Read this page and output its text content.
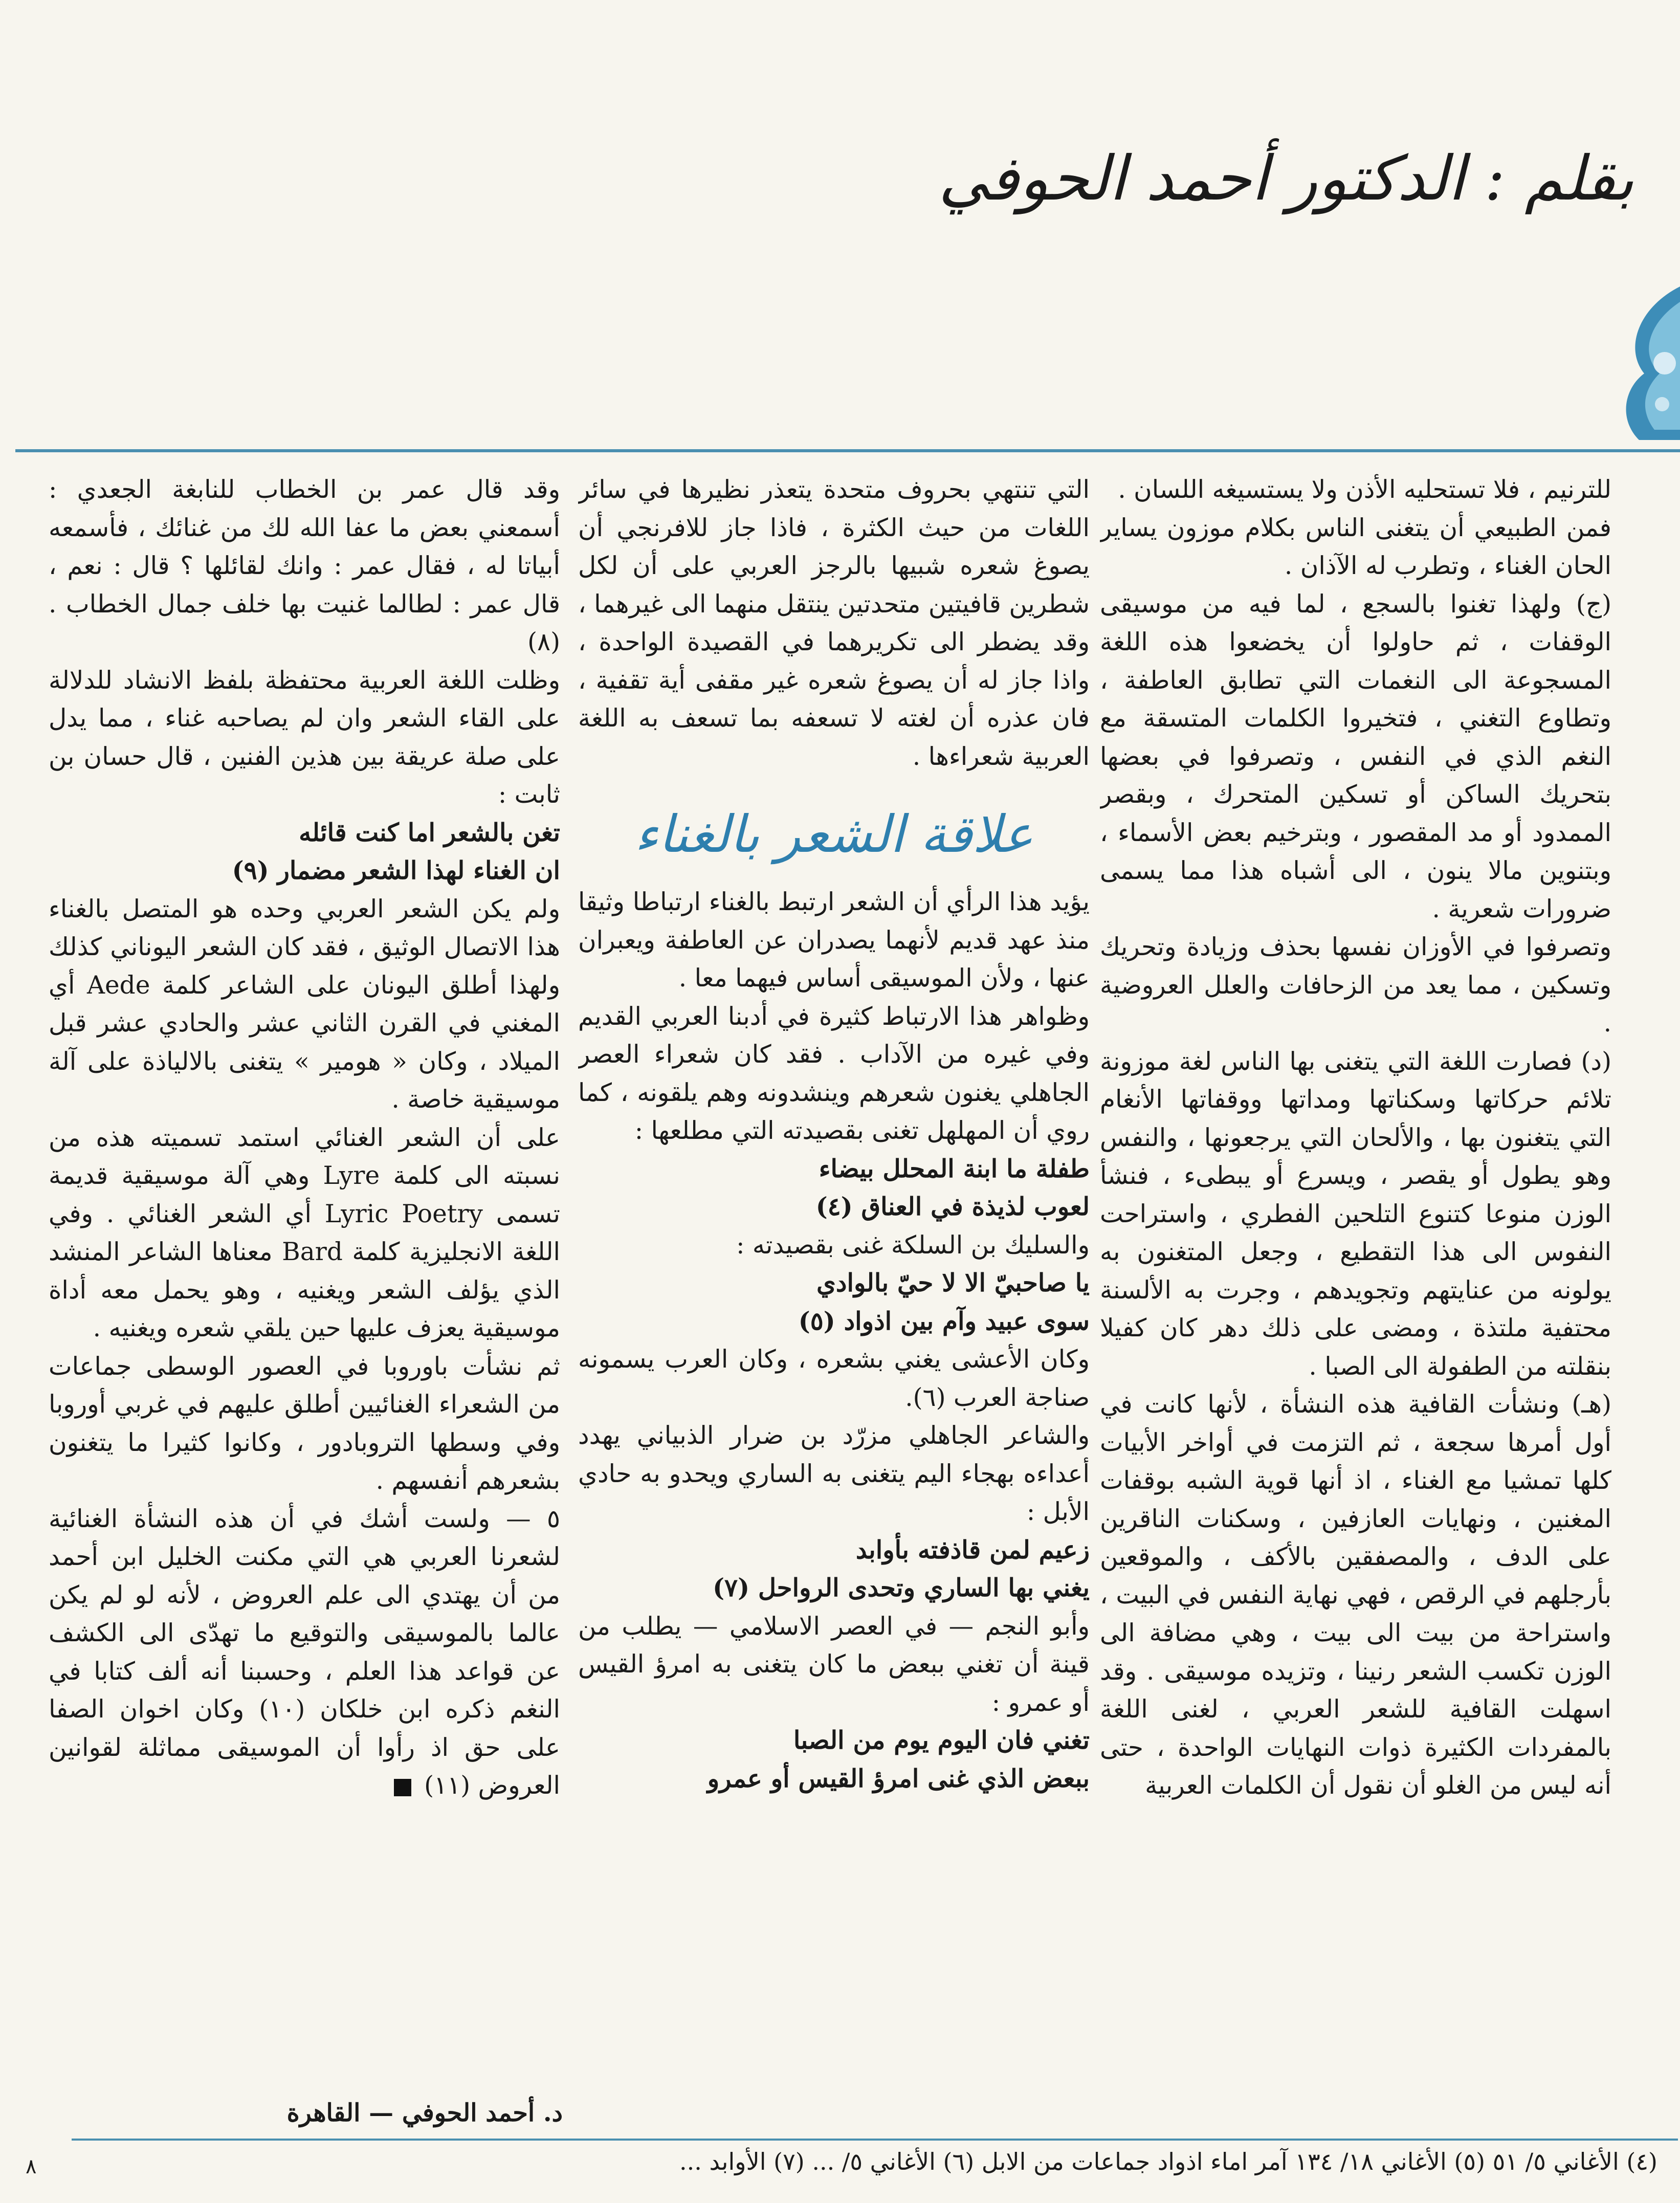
بقلم : الدكتور أحمد الحوفي

للترنيم ، فلا تستحليه الأذن ولا يستسيغه اللسان .

فمن الطبيعي أن يتغنى الناس بكلام موزون يساير الحان الغناء ، وتطرب له الآذان .

(ج) ولهذا تغنوا بالسجع ، لما فيه من موسيقى الوقفات ، ثم حاولوا أن يخضعوا هذه اللغة المسجوعة الى النغمات التي تطابق العاطفة ، وتطاوع التغني ، فتخيروا الكلمات المتسقة مع النغم الذي في النفس ، وتصرفوا في بعضها بتحريك الساكن أو تسكين المتحرك ، وبقصر الممدود أو مد المقصور ، وبترخيم بعض الأسماء ، وبتنوين مالا ينون ، الى أشباه هذا مما يسمى ضرورات شعرية .

وتصرفوا في الأوزان نفسها بحذف وزيادة وتحريك وتسكين ، مما يعد من الزحافات والعلل العروضية .

(د) فصارت اللغة التي يتغنى بها الناس لغة موزونة تلائم حركاتها وسكناتها ومداتها ووقفاتها الأنغام التي يتغنون بها ، والألحان التي يرجعونها ، والنفس وهو يطول أو يقصر ، ويسرع أو يبطىء ، فنشأ الوزن منوعا كتنوع التلحين الفطري ، واستراحت النفوس الى هذا التقطيع ، وجعل المتغنون به يولونه من عنايتهم وتجويدهم ، وجرت به الألسنة محتفية ملتذة ، ومضى على ذلك دهر كان كفيلا بنقلته من الطفولة الى الصبا .

(هـ) ونشأت القافية هذه النشأة ، لأنها كانت في أول أمرها سجعة ، ثم التزمت في أواخر الأبيات كلها تمشيا مع الغناء ، اذ أنها قوية الشبه بوقفات المغنين ، ونهايات العازفين ، وسكنات الناقرين على الدف ، والمصفقين بالأكف ، والموقعين بأرجلهم في الرقص ، فهي نهاية النفس في البيت ، واستراحة من بيت الى بيت ، وهي مضافة الى الوزن تكسب الشعر رنينا ، وتزيده موسيقى . وقد اسهلت القافية للشعر العربي ، لغنى اللغة بالمفردات الكثيرة ذوات النهايات الواحدة ، حتى أنه ليس من الغلو أن نقول أن الكلمات العربية

التي تنتهي بحروف متحدة يتعذر نظيرها في سائر اللغات من حيث الكثرة ، فاذا جاز للافرنجي أن يصوغ شعره شبيها بالرجز العربي على أن لكل شطرين قافيتين متحدتين ينتقل منهما الى غيرهما ، وقد يضطر الى تكريرهما في القصيدة الواحدة ، واذا جاز له أن يصوغ شعره غير مقفى أية تقفية ، فان عذره أن لغته لا تسعفه بما تسعف به اللغة العربية شعراءها .

علاقة الشعر بالغناء

يؤيد هذا الرأي أن الشعر ارتبط بالغناء ارتباطا وثيقا منذ عهد قديم لأنهما يصدران عن العاطفة ويعبران عنها ، ولأن الموسيقى أساس فيهما معا .

وظواهر هذا الارتباط كثيرة في أدبنا العربي القديم وفي غيره من الآداب . فقد كان شعراء العصر الجاهلي يغنون شعرهم وينشدونه وهم يلقونه ، كما روي أن المهلهل تغنى بقصيدته التي مطلعها :

طفلة ما ابنة المحلل بيضاء
لعوب لذيذة في العناق (٤)

والسليك بن السلكة غنى بقصيدته :

يا صاحبيّ الا لا حيّ بالوادي
سوى عبيد وآم بين اذواد (٥)

وكان الأعشى يغني بشعره ، وكان العرب يسمونه صناجة العرب (٦).
والشاعر الجاهلي مزرّد بن ضرار الذبياني يهدد أعداءه بهجاء اليم يتغنى به الساري ويحدو به حادي الأبل :

زعيم لمن قاذفته بأوابد
يغني بها الساري وتحدى الرواحل (٧)

وأبو النجم — في العصر الاسلامي — يطلب من قينة أن تغني ببعض ما كان يتغنى به امرؤ القيس أو عمرو :

تغني فان اليوم يوم من الصبا
ببعض الذي غنى امرؤ القيس أو عمرو

وقد قال عمر بن الخطاب للنابغة الجعدي : أسمعني بعض ما عفا الله لك من غنائك ، فأسمعه أبياتا له ، فقال عمر : وانك لقائلها ؟ قال : نعم ، قال عمر : لطالما غنيت بها خلف جمال الخطاب . (٨)
وظلت اللغة العربية محتفظة بلفظ الانشاد للدلالة على القاء الشعر وان لم يصاحبه غناء ، مما يدل على صلة عريقة بين هذين الفنين ، قال حسان بن ثابت :

تغن بالشعر اما كنت قائله
ان الغناء لهذا الشعر مضمار (٩)

ولم يكن الشعر العربي وحده هو المتصل بالغناء هذا الاتصال الوثيق ، فقد كان الشعر اليوناني كذلك ولهذا أطلق اليونان على الشاعر كلمة Aede أي المغني في القرن الثاني عشر والحادي عشر قبل الميلاد ، وكان « هومير » يتغنى بالالياذة على آلة موسيقية خاصة .

على أن الشعر الغنائي استمد تسميته هذه من نسبته الى كلمة Lyre وهي آلة موسيقية قديمة تسمى Lyric Poetry أي الشعر الغنائي . وفي اللغة الانجليزية كلمة Bard معناها الشاعر المنشد الذي يؤلف الشعر ويغنيه ، وهو يحمل معه أداة موسيقية يعزف عليها حين يلقي شعره ويغنيه .

ثم نشأت باوروبا في العصور الوسطى جماعات من الشعراء الغنائيين أطلق عليهم في غربي أوروبا وفي وسطها التروبادور ، وكانوا كثيرا ما يتغنون بشعرهم أنفسهم .

٥ — ولست أشك في أن هذه النشأة الغنائية لشعرنا العربي هي التي مكنت الخليل ابن أحمد من أن يهتدي الى علم العروض ، لأنه لو لم يكن عالما بالموسيقى والتوقيع ما تهدّى الى الكشف عن قواعد هذا العلم ، وحسبنا أنه ألف كتابا في النغم ذكره ابن خلكان (١٠) وكان اخوان الصفا على حق اذ رأوا أن الموسيقى مماثلة لقوانين العروض (١١)

د. أحمد الحوفي — القاهرة
(٤) الأغاني ٥/ ٥١ (٥) الأغاني ١٨/ ١٣٤ آمر اماء اذواد جماعات من الابل (٦) الأغاني ٥/ ... (٧) الأوابد ...
٨
